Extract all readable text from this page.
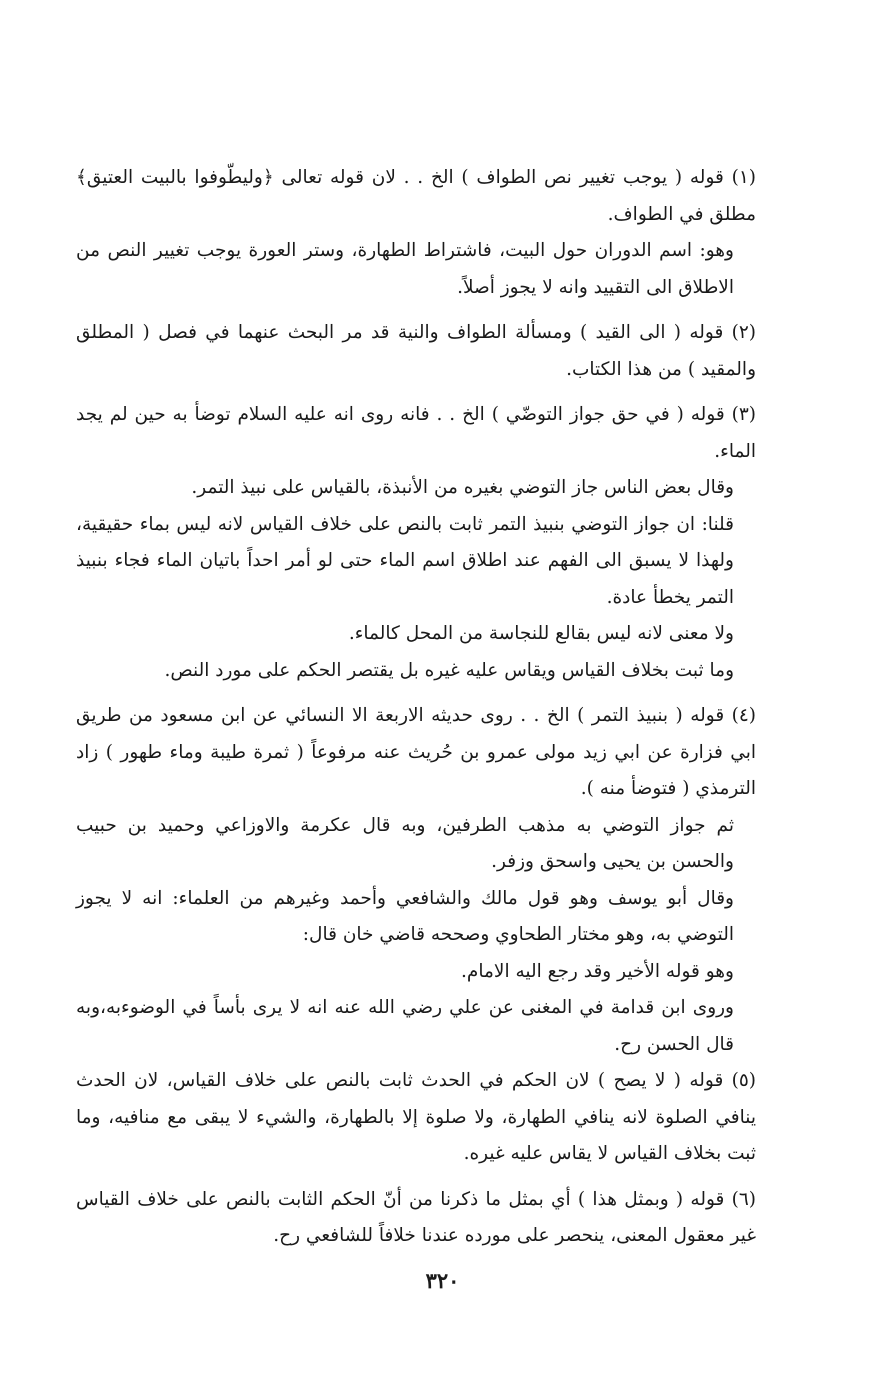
(١) قوله ( يوجب تغيير نص الطواف ) الخ . . لان قوله تعالى ﴿وليطّوفوا بالبيت العتيق﴾ مطلق في الطواف.

وهو: اسم الدوران حول البيت، فاشتراط الطهارة، وستر العورة يوجب تغيير النص من الاطلاق الى التقييد وانه لا يجوز أصلاً.

(٢) قوله ( الى القيد ) ومسألة الطواف والنية قد مر البحث عنهما في فصل ( المطلق والمقيد ) من هذا الكتاب.

(٣) قوله ( في حق جواز التوضّي ) الخ . . فانه روى انه عليه السلام توضأ به حين لم يجد الماء.

وقال بعض الناس جاز التوضي بغيره من الأنبذة، بالقياس على نبيذ التمر.

قلنا: ان جواز التوضي بنبيذ التمر ثابت بالنص على خلاف القياس لانه ليس بماء حقيقية، ولهذا لا يسبق الى الفهم عند اطلاق اسم الماء حتى لو أمر احداً باتيان الماء فجاء بنبيذ التمر يخطأ عادة.

ولا معنى لانه ليس بقالع للنجاسة من المحل كالماء.

وما ثبت بخلاف القياس ويقاس عليه غيره بل يقتصر الحكم على مورد النص.

(٤) قوله ( بنبيذ التمر ) الخ . . روى حديثه الاربعة الا النسائي عن ابن مسعود من طريق ابي فزارة عن ابي زيد مولى عمرو بن حُريث عنه مرفوعاً ( ثمرة طيبة وماء طهور ) زاد الترمذي ( فتوضأ منه ).

ثم جواز التوضي به مذهب الطرفين، وبه قال عكرمة والاوزاعي وحميد بن حبيب والحسن بن يحيى واسحق وزفر.

وقال أبو يوسف وهو قول مالك والشافعي وأحمد وغيرهم من العلماء: انه لا يجوز التوضي به، وهو مختار الطحاوي وصححه قاضي خان قال:

وهو قوله الأخير وقد رجع اليه الامام.

وروى ابن قدامة في المغنى عن علي رضي الله عنه انه لا يرى بأساً في الوضوءبه،وبه قال الحسن رح.

(٥) قوله ( لا يصح ) لان الحكم في الحدث ثابت بالنص على خلاف القياس، لان الحدث ينافي الصلوة لانه ينافي الطهارة، ولا صلوة إلا بالطهارة، والشيء لا يبقى مع منافيه، وما ثبت بخلاف القياس لا يقاس عليه غيره.

(٦) قوله ( وبمثل هذا ) أي بمثل ما ذكرنا من أنّ الحكم الثابت بالنص على خلاف القياس غير معقول المعنى، ينحصر على مورده عندنا خلافاً للشافعي رح.

٣٢٠
